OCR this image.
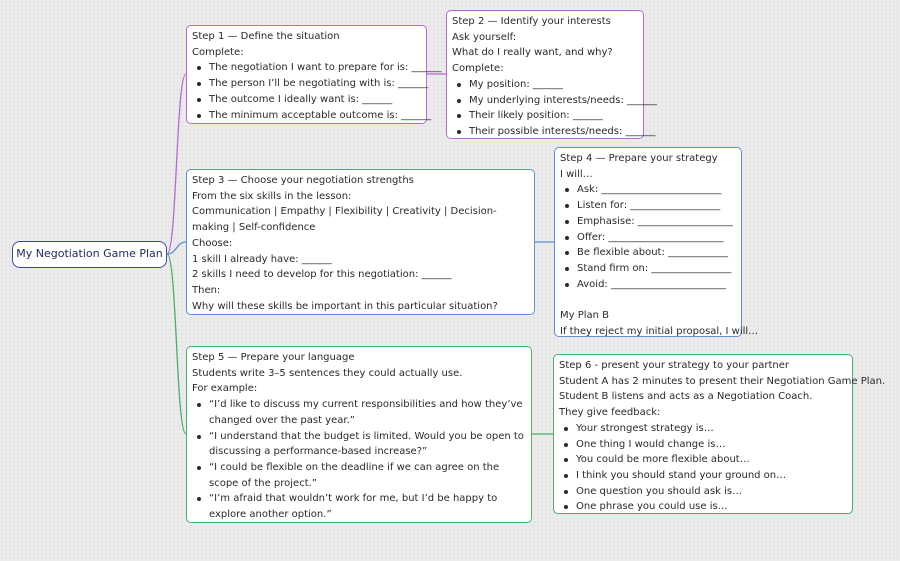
My Negotiation Game Plan
Step 1 — Define the situation
Complete:
The negotiation I want to prepare for is: ______
The person I’ll be negotiating with is: ______
The outcome I ideally want is: ______
The minimum acceptable outcome is: ______
Step 2 — Identify your interests
Ask yourself:
What do I really want, and why?
Complete:
My position: ______
My underlying interests/needs: ______
Their likely position: ______
Their possible interests/needs: ______
Step 3 — Choose your negotiation strengths
From the six skills in the lesson:
Communication | Empathy | Flexibility | Creativity | Decision-making | Self-confidence
Choose:
1 skill I already have: ______
2 skills I need to develop for this negotiation: ______
Then:
Why will these skills be important in this particular situation?
Step 4 — Prepare your strategy
I will…
Ask: ________________________
Listen for: __________________
Emphasise: ___________________
Offer: _______________________
Be flexible about: ____________
Stand firm on: ________________
Avoid: _______________________
My Plan B
If they reject my initial proposal, I will…
Step 5 — Prepare your language
Students write 3–5 sentences they could actually use.
For example:
“I’d like to discuss my current responsibilities and how they’ve changed over the past year.”
“I understand that the budget is limited. Would you be open to discussing a performance-based increase?”
“I could be flexible on the deadline if we can agree on the scope of the project.”
“I’m afraid that wouldn’t work for me, but I’d be happy to explore another option.”
Step 6 - present your strategy to your partner
Student A has 2 minutes to present their Negotiation Game Plan.
Student B listens and acts as a Negotiation Coach.
They give feedback:
Your strongest strategy is…
One thing I would change is…
You could be more flexible about…
I think you should stand your ground on…
One question you should ask is…
One phrase you could use is…
